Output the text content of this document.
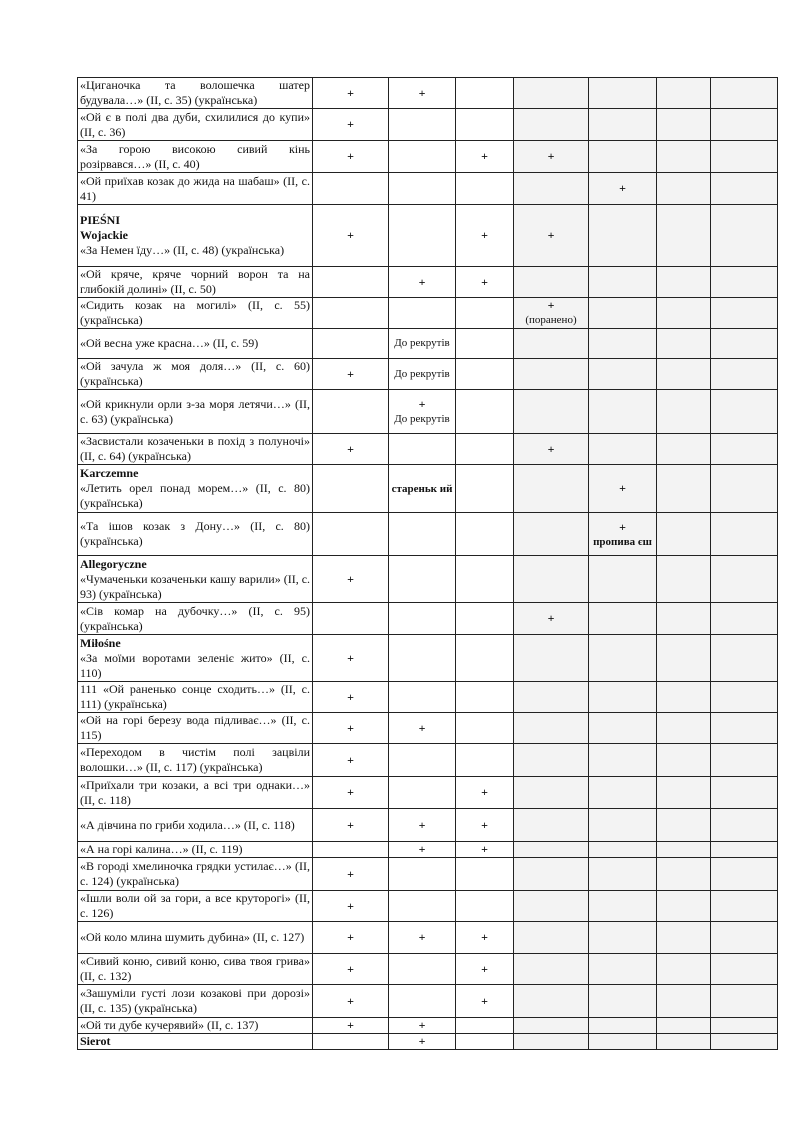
«Циганочка та волошечка шатер будувала…» (II, с. 35) (українська)	+	+					

«Ой є в полі два дуби, схилилися до купи» (II, с. 36)	+						

«За горою високою сивий кінь розірвався…» (II, с. 40)	+		+	+			

«Ой приїхав козак до жида на шабаш» (II, с. 41)					+		

PIEŚNI
Wojackie
«За Немен їду…» (II, с. 48) (українська)	+		+	+			

«Ой кряче, кряче чорний ворон та на глибокій долині» (II, с. 50)		+	+				

«Сидить козак на могилі» (II, с. 55) (українська)				+
(поранено)			

«Ой весна уже красна…» (II, с. 59)		До рекрутів					

«Ой зачула ж моя доля…» (II, с. 60) (українська)	+	До рекрутів					

«Ой крикнули орли з-за моря летячи…» (II, с. 63) (українська)		+
До рекрутів					

«Засвистали козаченьки в похід з полуночі» (II, с. 64) (українська)	+			+			

Karczemne
«Летить орел понад морем…» (II, с. 80) (українська)		стареньк ий			+		

«Та ішов козак з Дону…» (II, с. 80) (українська)					+
пропива єш		

Allegoryczne
«Чумаченьки козаченьки кашу варили» (II, с. 93) (українська)	+						

«Сів комар на дубочку…» (II, с. 95) (українська)				+			

Miłośne
«За моїми воротами зеленіє жито» (II, с. 110)	+						

111 «Ой раненько сонце сходить…» (II, с. 111) (українська)	+						

«Ой на горі березу вода підливає…» (II, с. 115)	+	+					

«Переходом в чистім полі зацвіли волошки…» (II, с. 117) (українська)	+						

«Приїхали три козаки, а всі три однаки…» (II, с. 118)	+		+				

«А дівчина по гриби ходила…» (II, с. 118)	+	+	+				

«А на горі калина…» (II, с. 119)		+	+				

«В городі хмелиночка грядки устилає…» (II, с. 124) (українська)	+						

«Ішли воли ой за гори, а все круторогі» (II, с. 126)	+						

«Ой коло млина шумить дубина» (II, с. 127)	+	+	+				

«Сивий коню, сивий коню, сива твоя грива» (II, с. 132)	+		+				

«Зашуміли густі лози козакові при дорозі» (II, с. 135) (українська)	+		+				

«Ой ти дубе кучерявий» (II, с. 137)	+	+					

Sierot		+					
